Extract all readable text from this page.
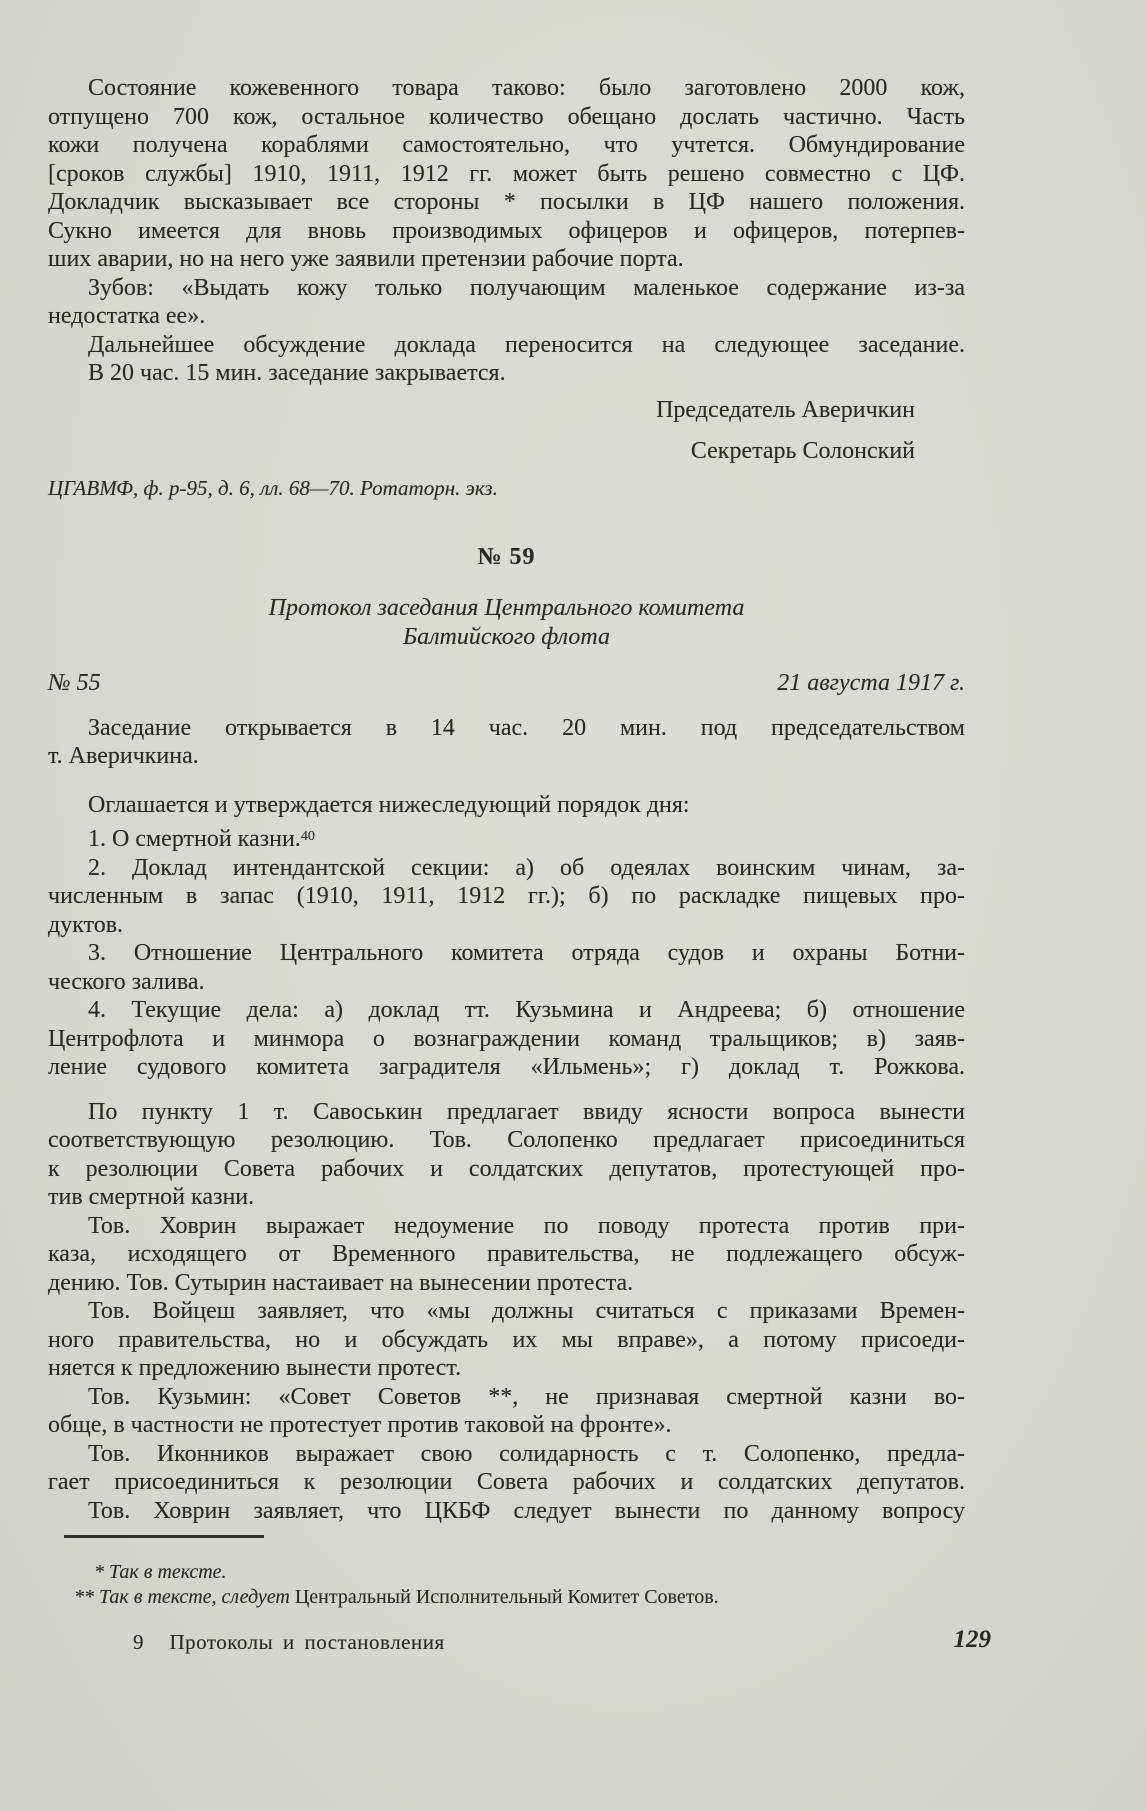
Состояние кожевенного товара таково: было заготовлено 2000 кож,
отпущено 700 кож, остальное количество обещано дослать частично. Часть
кожи получена кораблями самостоятельно, что учтется. Обмундирование
[сроков службы] 1910, 1911, 1912 гг. может быть решено совместно с ЦФ.
Докладчик высказывает все стороны * посылки в ЦФ нашего положения.
Сукно имеется для вновь производимых офицеров и офицеров, потерпев-
ших аварии, но на него уже заявили претензии рабочие порта.
Зубов: «Выдать кожу только получающим маленькое содержание из-за
недостатка ее».
Дальнейшее обсуждение доклада переносится на следующее заседание.
В 20 час. 15 мин. заседание закрывается.
Председатель Аверичкин
Секретарь Солонский
ЦГАВМФ, ф. р-95, д. 6, лл. 68—70. Ротаторн. экз.
№ 59
Протокол заседания Центрального комитета
Балтийского флота
№ 55	21 августа 1917 г.
Заседание открывается в 14 час. 20 мин. под председательством
т. Аверичкина.
Оглашается и утверждается нижеследующий порядок дня:
1. О смертной казни.$^{40}$
2. Доклад интендантской секции: а) об одеялах воинским чинам, за-
численным в запас (1910, 1911, 1912 гг.); б) по раскладке пищевых про-
дуктов.
3. Отношение Центрального комитета отряда судов и охраны Ботни-
ческого залива.
4. Текущие дела: а) доклад тт. Кузьмина и Андреева; б) отношение
Центрофлота и минмора о вознаграждении команд тральщиков; в) заяв-
ление судового комитета заградителя «Ильмень»; г) доклад т. Рожкова.
По пункту 1 т. Савоськин предлагает ввиду ясности вопроса вынести
соответствующую резолюцию. Тов. Солопенко предлагает присоединиться
к резолюции Совета рабочих и солдатских депутатов, протестующей про-
тив смертной казни.
Тов. Ховрин выражает недоумение по поводу протеста против при-
каза, исходящего от Временного правительства, не подлежащего обсуж-
дению. Тов. Сутырин настаивает на вынесении протеста.
Тов. Войцеш заявляет, что «мы должны считаться с приказами Времен-
ного правительства, но и обсуждать их мы вправе», а потому присоеди-
няется к предложению вынести протест.
Тов. Кузьмин: «Совет Советов **, не признавая смертной казни во-
обще, в частности не протестует против таковой на фронте».
Тов. Иконников выражает свою солидарность с т. Солопенко, предла-
гает присоединиться к резолюции Совета рабочих и солдатских депутатов.
Тов. Ховрин заявляет, что ЦКБФ следует вынести по данному вопросу
* Так в тексте.
** Так в тексте, следует Центральный Исполнительный Комитет Советов.
9 Протоколы и постановления	129
